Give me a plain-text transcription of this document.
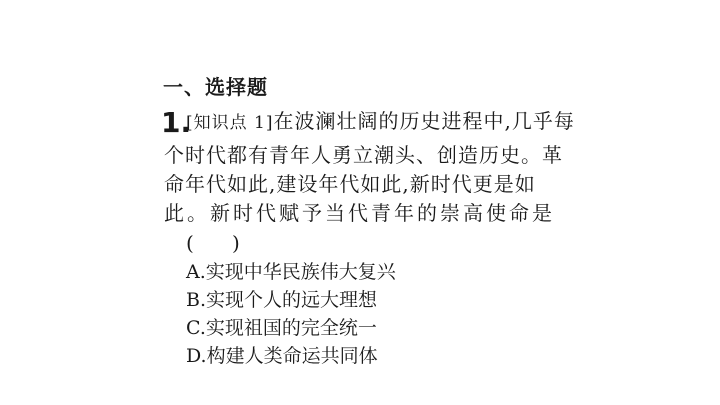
一、选择题
1.
[知识点 1]在波澜壮阔的历史进程中,几乎每
个时代都有青年人勇立潮头、创造历史。革
命年代如此,建设年代如此,新时代更是如
此。新时代赋予当代青年的崇高使命是
(      )
A.实现中华民族伟大复兴
B.实现个人的远大理想
C.实现祖国的完全统一
D.构建人类命运共同体
